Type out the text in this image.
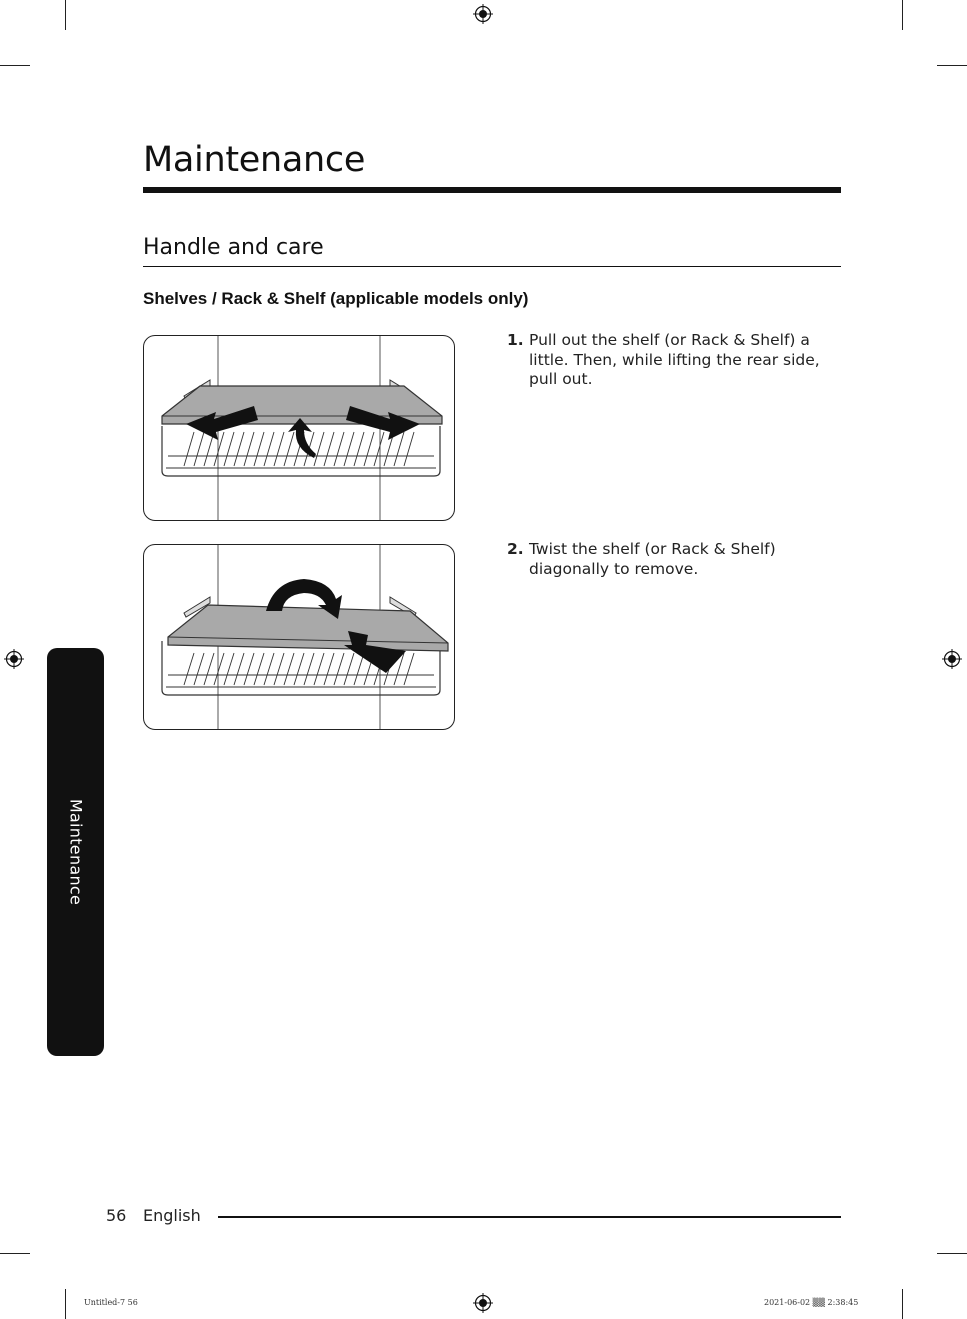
Maintenance
Handle and care
Shelves / Rack & Shelf (applicable models only)
1. Pull out the shelf (or Rack & Shelf) a little. Then, while lifting the rear side, pull out.
2. Twist the shelf (or Rack & Shelf) diagonally to remove.
Maintenance
56 English
Untitled-7 56	2021-06-02 ▒▒ 2:38:45
